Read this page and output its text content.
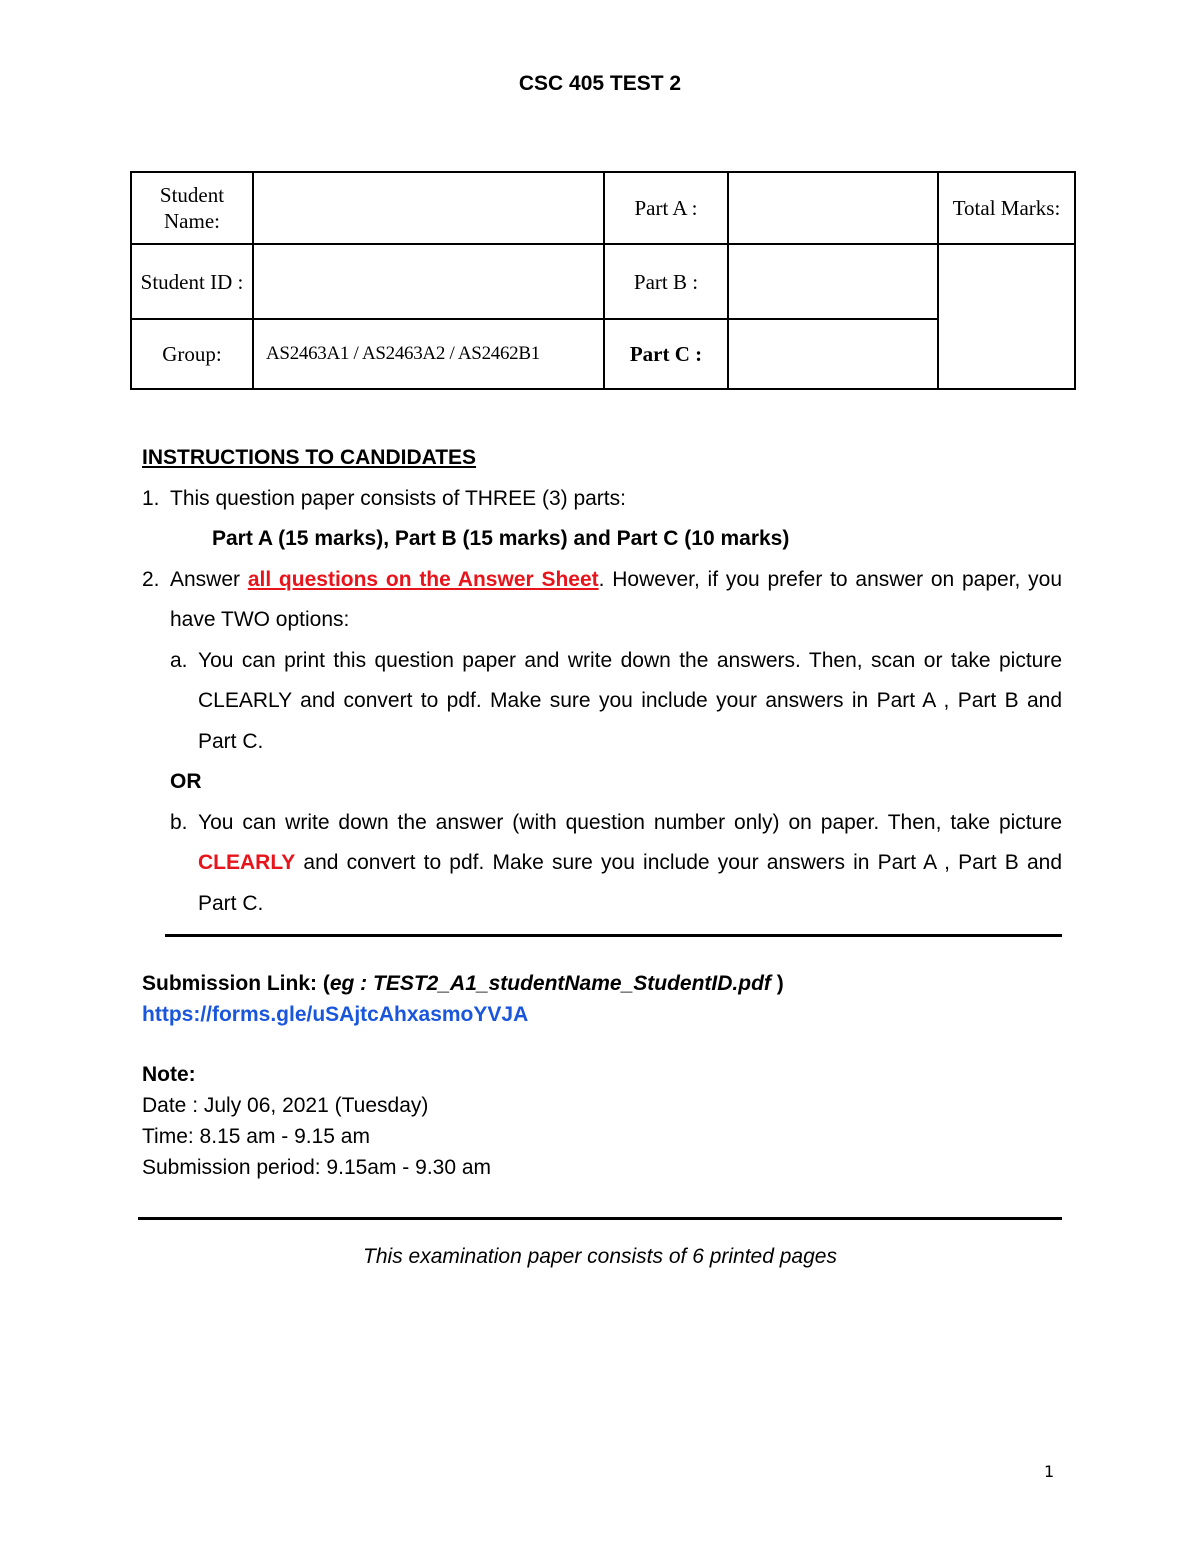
CSC 405 TEST 2
Student Name:		Part A :		Total Marks:
Student ID :		Part B :		
Group:	AS2463A1 / AS2463A2 / AS2462B1	Part C :		
INSTRUCTIONS TO CANDIDATES
1. This question paper consists of THREE (3) parts:
Part A (15 marks), Part B (15 marks) and Part C (10 marks)
2. Answer all questions on the Answer Sheet. However, if you prefer to answer on paper, you have TWO options:
a. You can print this question paper and write down the answers. Then, scan or take picture CLEARLY and convert to pdf. Make sure you include your answers in Part A , Part B and Part C.
OR
b. You can write down the answer (with question number only) on paper. Then, take picture CLEARLY and convert to pdf. Make sure you include your answers in Part A , Part B and Part C.
Submission Link: (eg : TEST2_A1_studentName_StudentID.pdf )
https://forms.gle/uSAjtcAhxasmoYVJA
Note:
Date : July 06, 2021 (Tuesday)
Time: 8.15 am - 9.15 am
Submission period: 9.15am - 9.30 am
This examination paper consists of 6 printed pages
1
